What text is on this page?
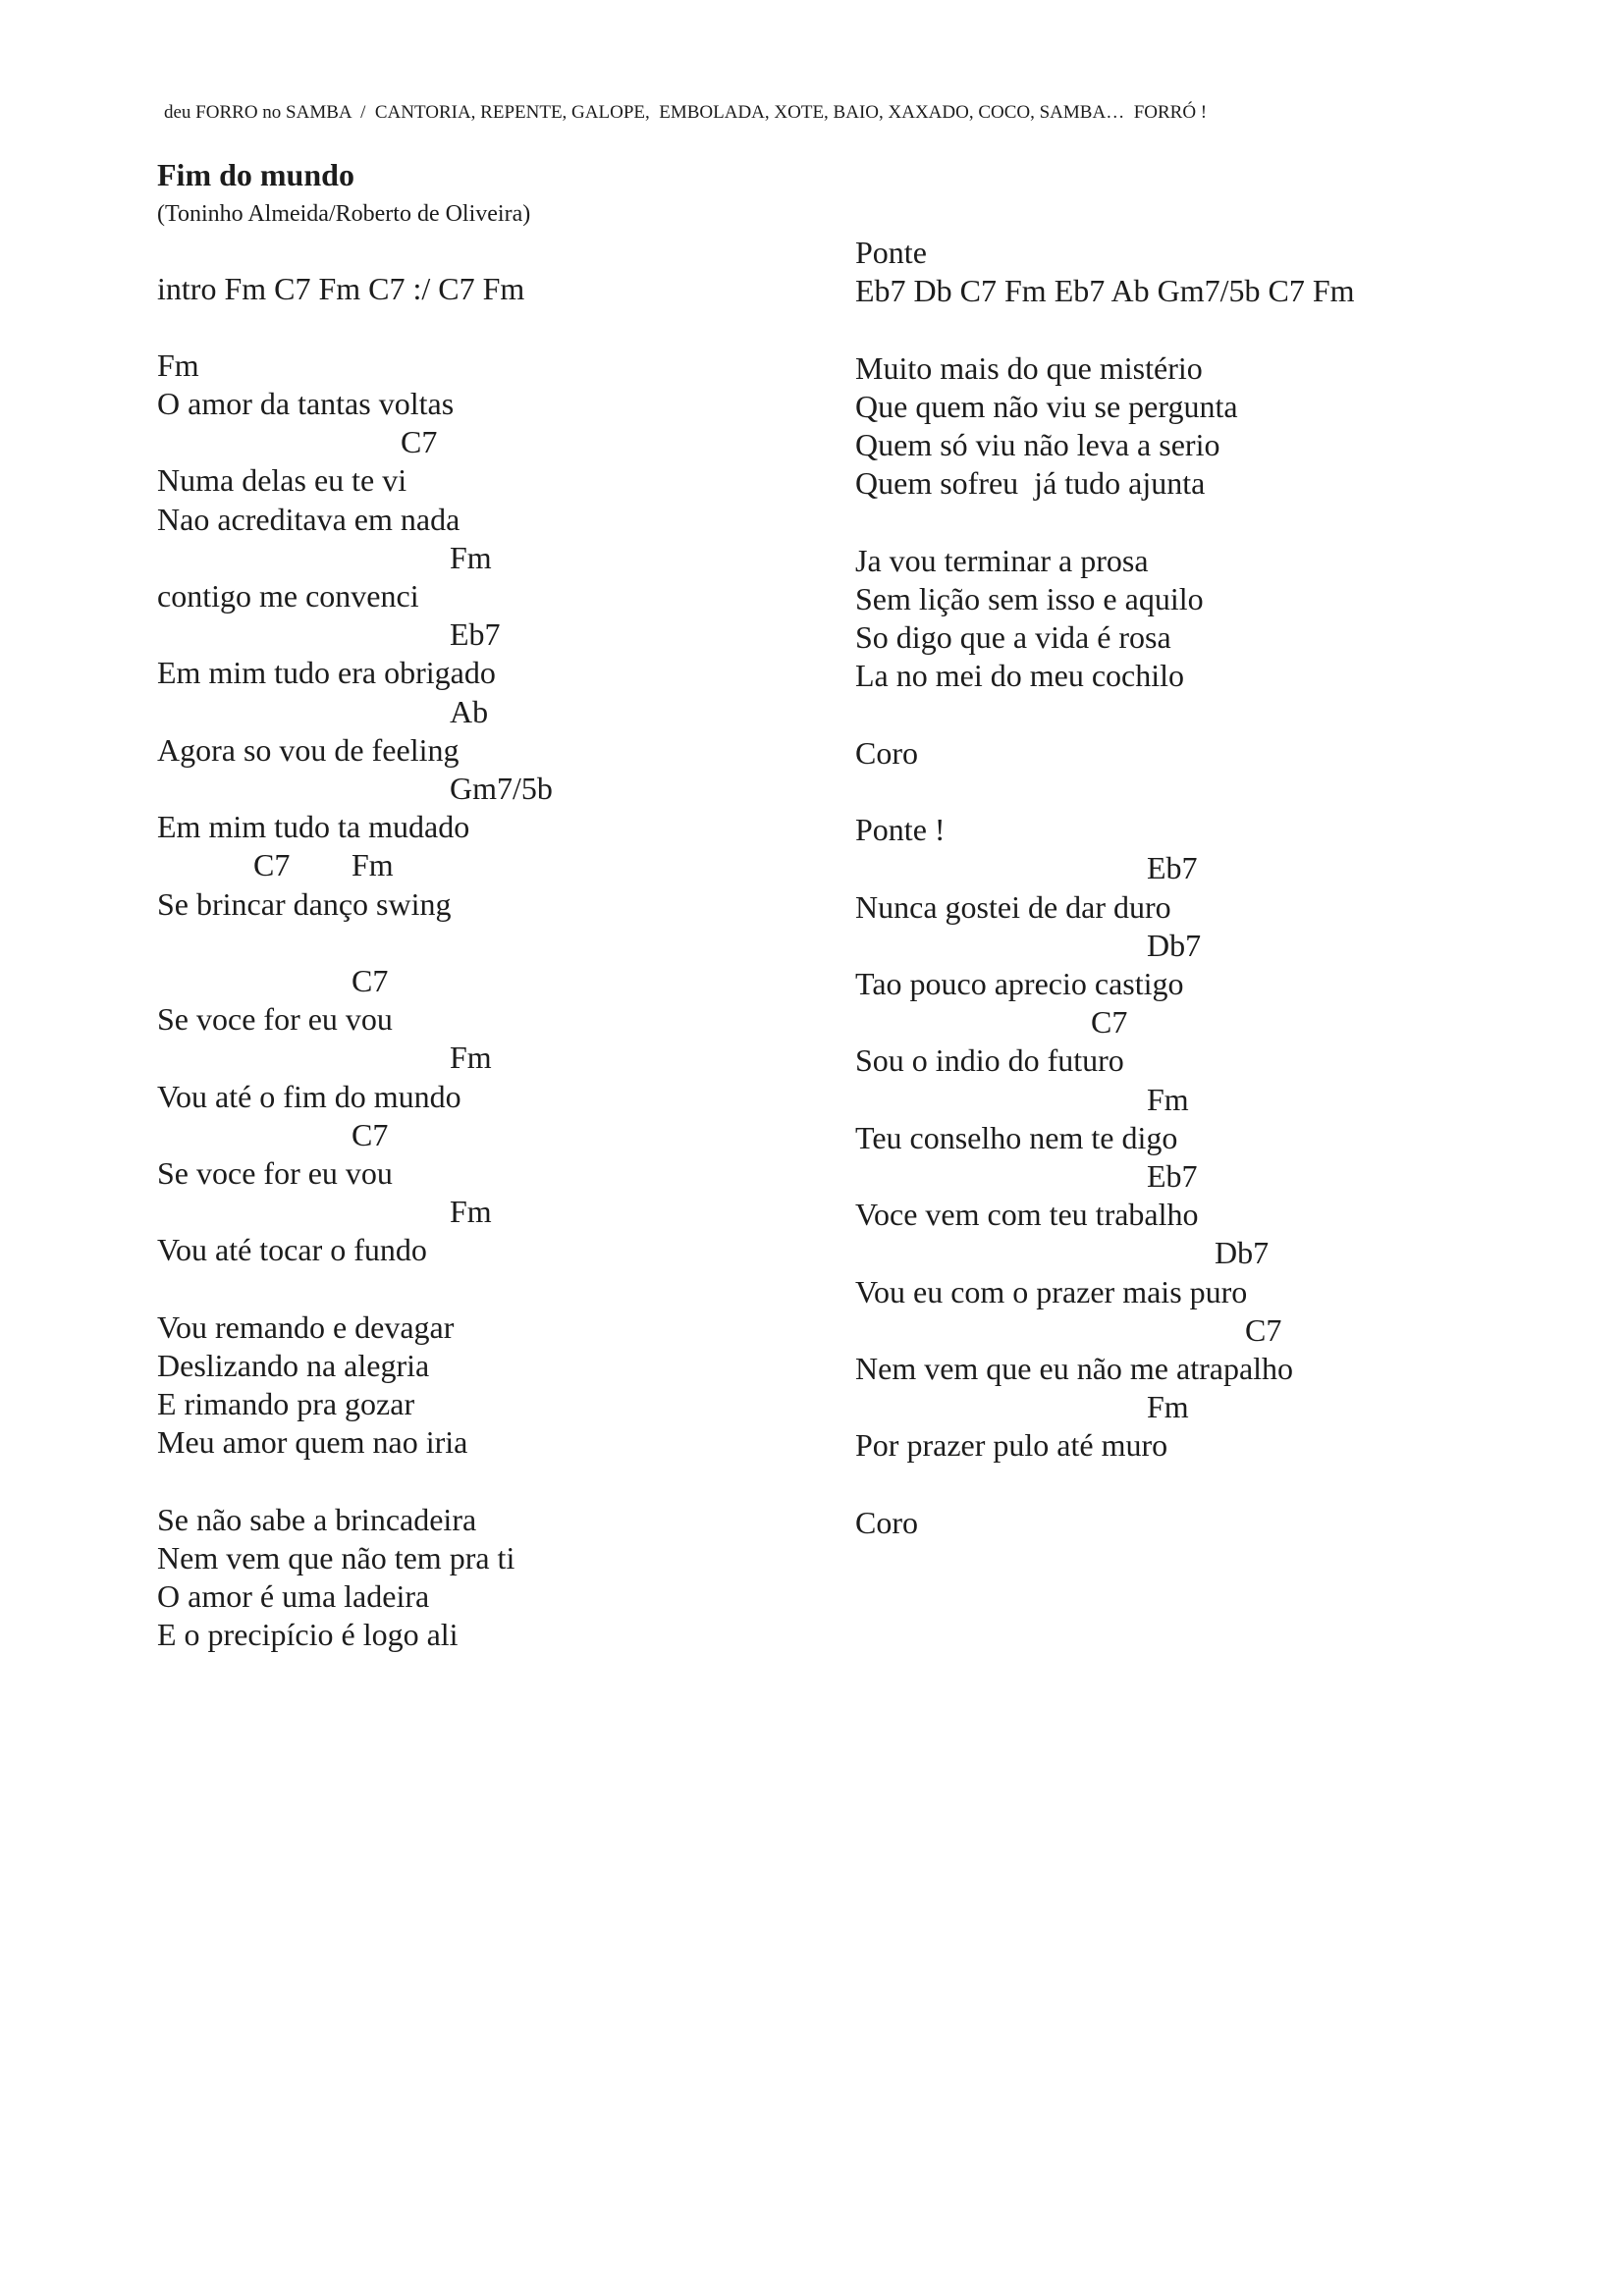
deu FORRO no SAMBA  /  CANTORIA, REPENTE, GALOPE,  EMBOLADA, XOTE, BAIO, XAXADO, COCO, SAMBA…  FORRÓ !
Fim do mundo
(Toninho Almeida/Roberto de Oliveira)
intro Fm C7 Fm C7 :/ C7 Fm
Fm
O amor da tantas voltas
C7
Numa delas eu te vi
Nao acreditava em nada
Fm
contigo me convenci
Eb7
Em mim tudo era obrigado
Ab
Agora so vou de feeling
Gm7/5b
Em mim tudo ta mudado
C7 Fm
Se brincar danço swing
C7
Se voce for eu vou
Fm
Vou até o fim do mundo
C7
Se voce for eu vou
Fm
Vou até tocar o fundo
Vou remando e devagar
Deslizando na alegria
E rimando pra gozar
Meu amor quem nao iria
Se não sabe a brincadeira
Nem vem que não tem pra ti
O amor é uma ladeira
E o precipício é logo ali
Ponte
Eb7 Db C7 Fm Eb7 Ab Gm7/5b C7 Fm
Muito mais do que mistério
Que quem não viu se pergunta
Quem só viu não leva a serio
Quem sofreu  já tudo ajunta
Ja vou terminar a prosa
Sem lição sem isso e aquilo
So digo que a vida é rosa
La no mei do meu cochilo
Coro
Ponte !
Eb7
Nunca gostei de dar duro
Db7
Tao pouco aprecio castigo
C7
Sou o indio do futuro
Fm
Teu conselho nem te digo
Eb7
Voce vem com teu trabalho
Db7
Vou eu com o prazer mais puro
C7
Nem vem que eu não me atrapalho
Fm
Por prazer pulo até muro
Coro
